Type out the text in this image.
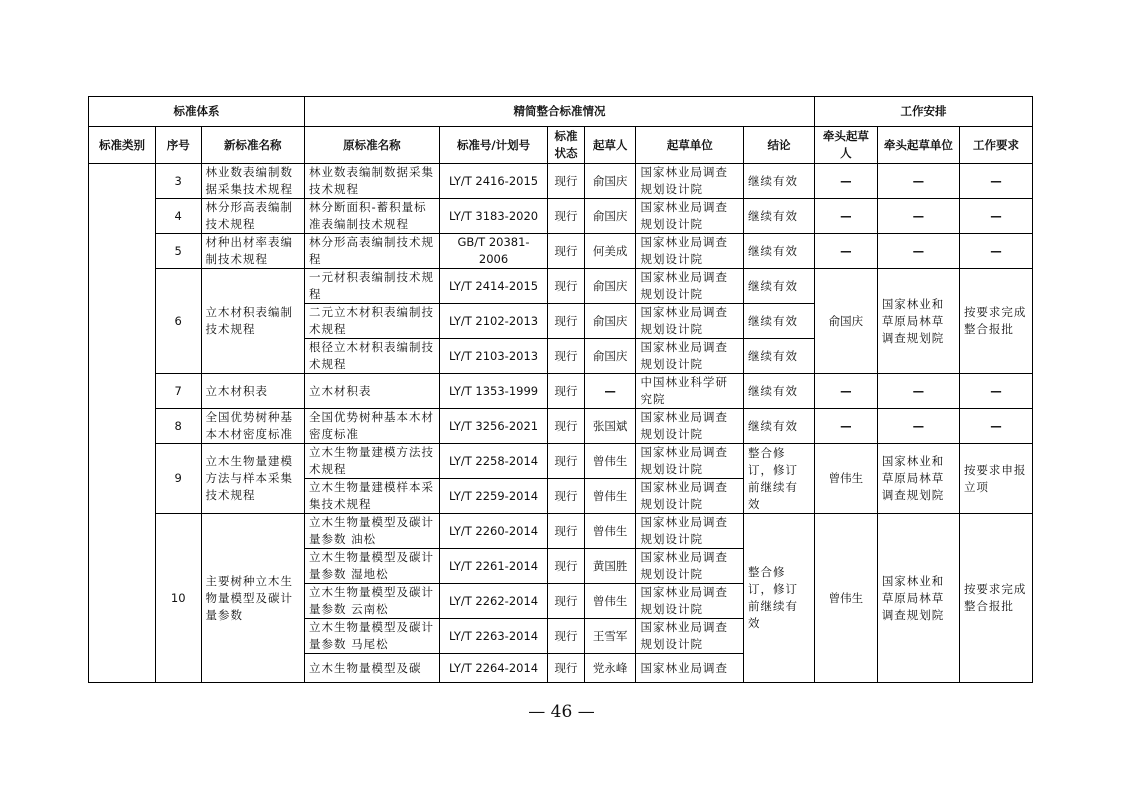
标准体系			精简整合标准情况						工作安排		
标准类别	序号	新标准名称	原标准名称	标准号/计划号	标准状态	起草人	起草单位	结论	牵头起草人	牵头起草单位	工作要求
	3	林业数表编制数据采集技术规程	林业数表编制数据采集技术规程	LY/T 2416-2015	现行	俞国庆	国家林业局调查规划设计院	继续有效	—	—	—
	4	林分形高表编制技术规程	林分断面积-蓄积量标准表编制技术规程	LY/T 3183-2020	现行	俞国庆	国家林业局调查规划设计院	继续有效	—	—	—
	5	材种出材率表编制技术规程	林分形高表编制技术规程	GB/T 20381-2006	现行	何美成	国家林业局调查规划设计院	继续有效	—	—	—
	6	立木材积表编制技术规程	一元材积表编制技术规程	LY/T 2414-2015	现行	俞国庆	国家林业局调查规划设计院	继续有效	俞国庆	国家林业和草原局林草调查规划院	按要求完成整合报批
			二元立木材积表编制技术规程	LY/T 2102-2013	现行	俞国庆	国家林业局调查规划设计院	继续有效			
			根径立木材积表编制技术规程	LY/T 2103-2013	现行	俞国庆	国家林业局调查规划设计院	继续有效			
	7	立木材积表	立木材积表	LY/T 1353-1999	现行	—	中国林业科学研究院	继续有效	—	—	—
	8	全国优势树种基本木材密度标准	全国优势树种基本木材密度标准	LY/T 3256-2021	现行	张国斌	国家林业局调查规划设计院	继续有效	—	—	—
	9	立木生物量建模方法与样本采集技术规程	立木生物量建模方法技术规程	LY/T 2258-2014	现行	曾伟生	国家林业局调查规划设计院	整合修订，修订前继续有效	曾伟生	国家林业和草原局林草调查规划院	按要求申报立项
			立木生物量建模样本采集技术规程	LY/T 2259-2014	现行	曾伟生	国家林业局调查规划设计院				
	10	主要树种立木生物量模型及碳计量参数	立木生物量模型及碳计量参数 油松	LY/T 2260-2014	现行	曾伟生	国家林业局调查规划设计院	整合修订，修订前继续有效	曾伟生	国家林业和草原局林草调查规划院	按要求完成整合报批
			立木生物量模型及碳计量参数 湿地松	LY/T 2261-2014	现行	黄国胜	国家林业局调查规划设计院				
			立木生物量模型及碳计量参数 云南松	LY/T 2262-2014	现行	曾伟生	国家林业局调查规划设计院				
			立木生物量模型及碳计量参数 马尾松	LY/T 2263-2014	现行	王雪军	国家林业局调查规划设计院				
			立木生物量模型及碳	LY/T 2264-2014	现行	党永峰	国家林业局调查				
— 46 —
